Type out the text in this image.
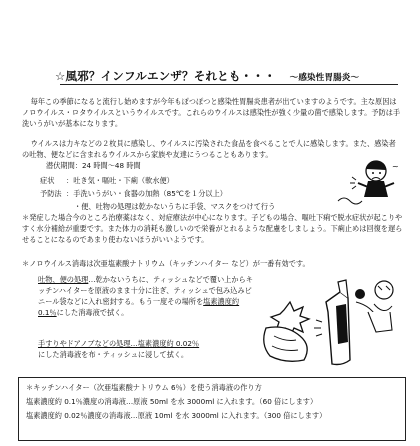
☆風邪？インフルエンザ？それとも・・・ ～感染性胃腸炎～
毎年この季節になると流行し始めますが今年もぽつぽつと感染性胃腸炎患者が出ていますのようです。主な原因はノロウイルス・ロタウイルスというウイルスです。これらのウイルスは感染性が強く少量の菌で感染します。予防は手洗いうがいが基本になります。
ウイルスは力キなどの２枚貝に感染し、ウイルスに汚染された食品を食べることで人に感染します。また、感染者の吐物、便などに含まれるウイルスから家族や友達にうつることもあります。
潜伏期間：24 時間～48 時間
症状 ：吐き気・嘔吐・下痢（軟水便）
予防法 ：手洗いうがい・食器の加熱（85℃を１分以上）
・便、吐物の処理は乾かないうちに手袋、マスクをつけて行う
~
＊発症した場合今のところ治療薬はなく、対症療法が中心になります。子どもの場合、嘔吐下痢で脱水症状が起こりやすく水分補給が重要です。また体力の消耗も激しいので栄養がとれるような配慮をしましょう。下痢止めは回復を遅らせることになるのであまり使わないほうがいいようです。
＊ノロウイルス消毒は次亜塩素酸ナトリウム（キッチンハイター など）が一番有効です。
吐物、便の処理…乾かないうちに、ティッシュなどで覆い上からキッチンハイターを原液のまま十分に注ぎ、ティッシュで包み込みビニール袋などに入れ密封する。もう一度その場所を塩素濃度約 0.1％にした消毒液で拭く。
手すりやドアノブなどの処理…塩素濃度約 0.02％
にした消毒液を布・ティッシュに浸して拭く。
＊キッチンハイター（次亜塩素酸ナトリウム 6％）を使う消毒液の作り方
塩素濃度約 0.1％濃度の消毒液…原液 50ml を水 3000ml に入れます。（60 倍にします）
塩素濃度約 0.02％濃度の消毒液…原液 10ml を水 3000ml に入れます。（300 倍にします）
